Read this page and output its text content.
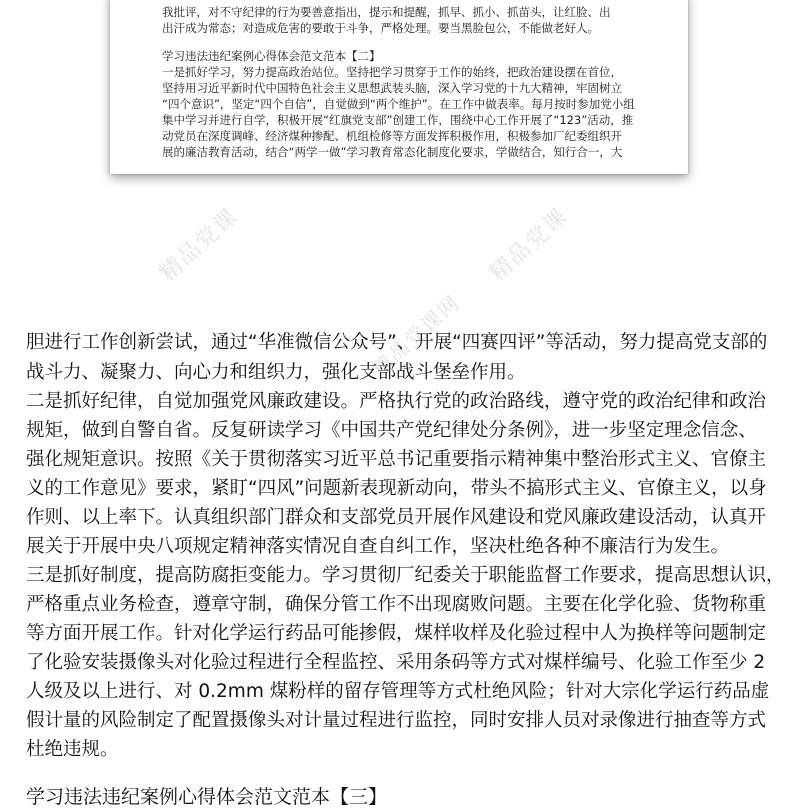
我批评，对不守纪律的行为要善意指出，提示和提醒，抓早、抓小、抓苗头，让红脸、出
出汗成为常态；对造成危害的要敢于斗争，严格处理。要当黑脸包公，不能做老好人。
学习违法违纪案例心得体会范文范本【二】
一是抓好学习，努力提高政治站位。坚持把学习贯穿于工作的始终，把政治建设摆在首位，
坚持用习近平新时代中国特色社会主义思想武装头脑，深入学习党的十九大精神，牢固树立
“四个意识”，坚定“四个自信”，自觉做到“两个维护”。在工作中做表率。每月按时参加党小组
集中学习并进行自学，积极开展“红旗党支部”创建工作，围绕中心工作开展了“123”活动，推
动党员在深度调峰、经济煤种掺配、机组检修等方面发挥积极作用，积极参加厂纪委组织开
展的廉洁教育活动，结合“两学一做”学习教育常态化制度化要求，学做结合，知行合一，大
精品党课
精品党课网
精品党课
胆进行工作创新尝试，通过“华准微信公众号”、开展“四赛四评”等活动，努力提高党支部的
战斗力、凝聚力、向心力和组织力，强化支部战斗堡垒作用。
二是抓好纪律，自觉加强党风廉政建设。严格执行党的政治路线，遵守党的政治纪律和政治
规矩，做到自警自省。反复研读学习《中国共产党纪律处分条例》，进一步坚定理念信念、
强化规矩意识。按照《关于贯彻落实习近平总书记重要指示精神集中整治形式主义、官僚主
义的工作意见》要求，紧盯“四风”问题新表现新动向，带头不搞形式主义、官僚主义，以身
作则、以上率下。认真组织部门群众和支部党员开展作风建设和党风廉政建设活动，认真开
展关于开展中央八项规定精神落实情况自查自纠工作，坚决杜绝各种不廉洁行为发生。
三是抓好制度，提高防腐拒变能力。学习贯彻厂纪委关于职能监督工作要求，提高思想认识，
严格重点业务检查，遵章守制，确保分管工作不出现腐败问题。主要在化学化验、货物称重
等方面开展工作。针对化学运行药品可能掺假，煤样收样及化验过程中人为换样等问题制定
了化验安装摄像头对化验过程进行全程监控、采用条码等方式对煤样编号、化验工作至少 2
人级及以上进行、对 0.2mm 煤粉样的留存管理等方式杜绝风险；针对大宗化学运行药品虚
假计量的风险制定了配置摄像头对计量过程进行监控，同时安排人员对录像进行抽查等方式
杜绝违规。
学习违法违纪案例心得体会范文范本【三】
